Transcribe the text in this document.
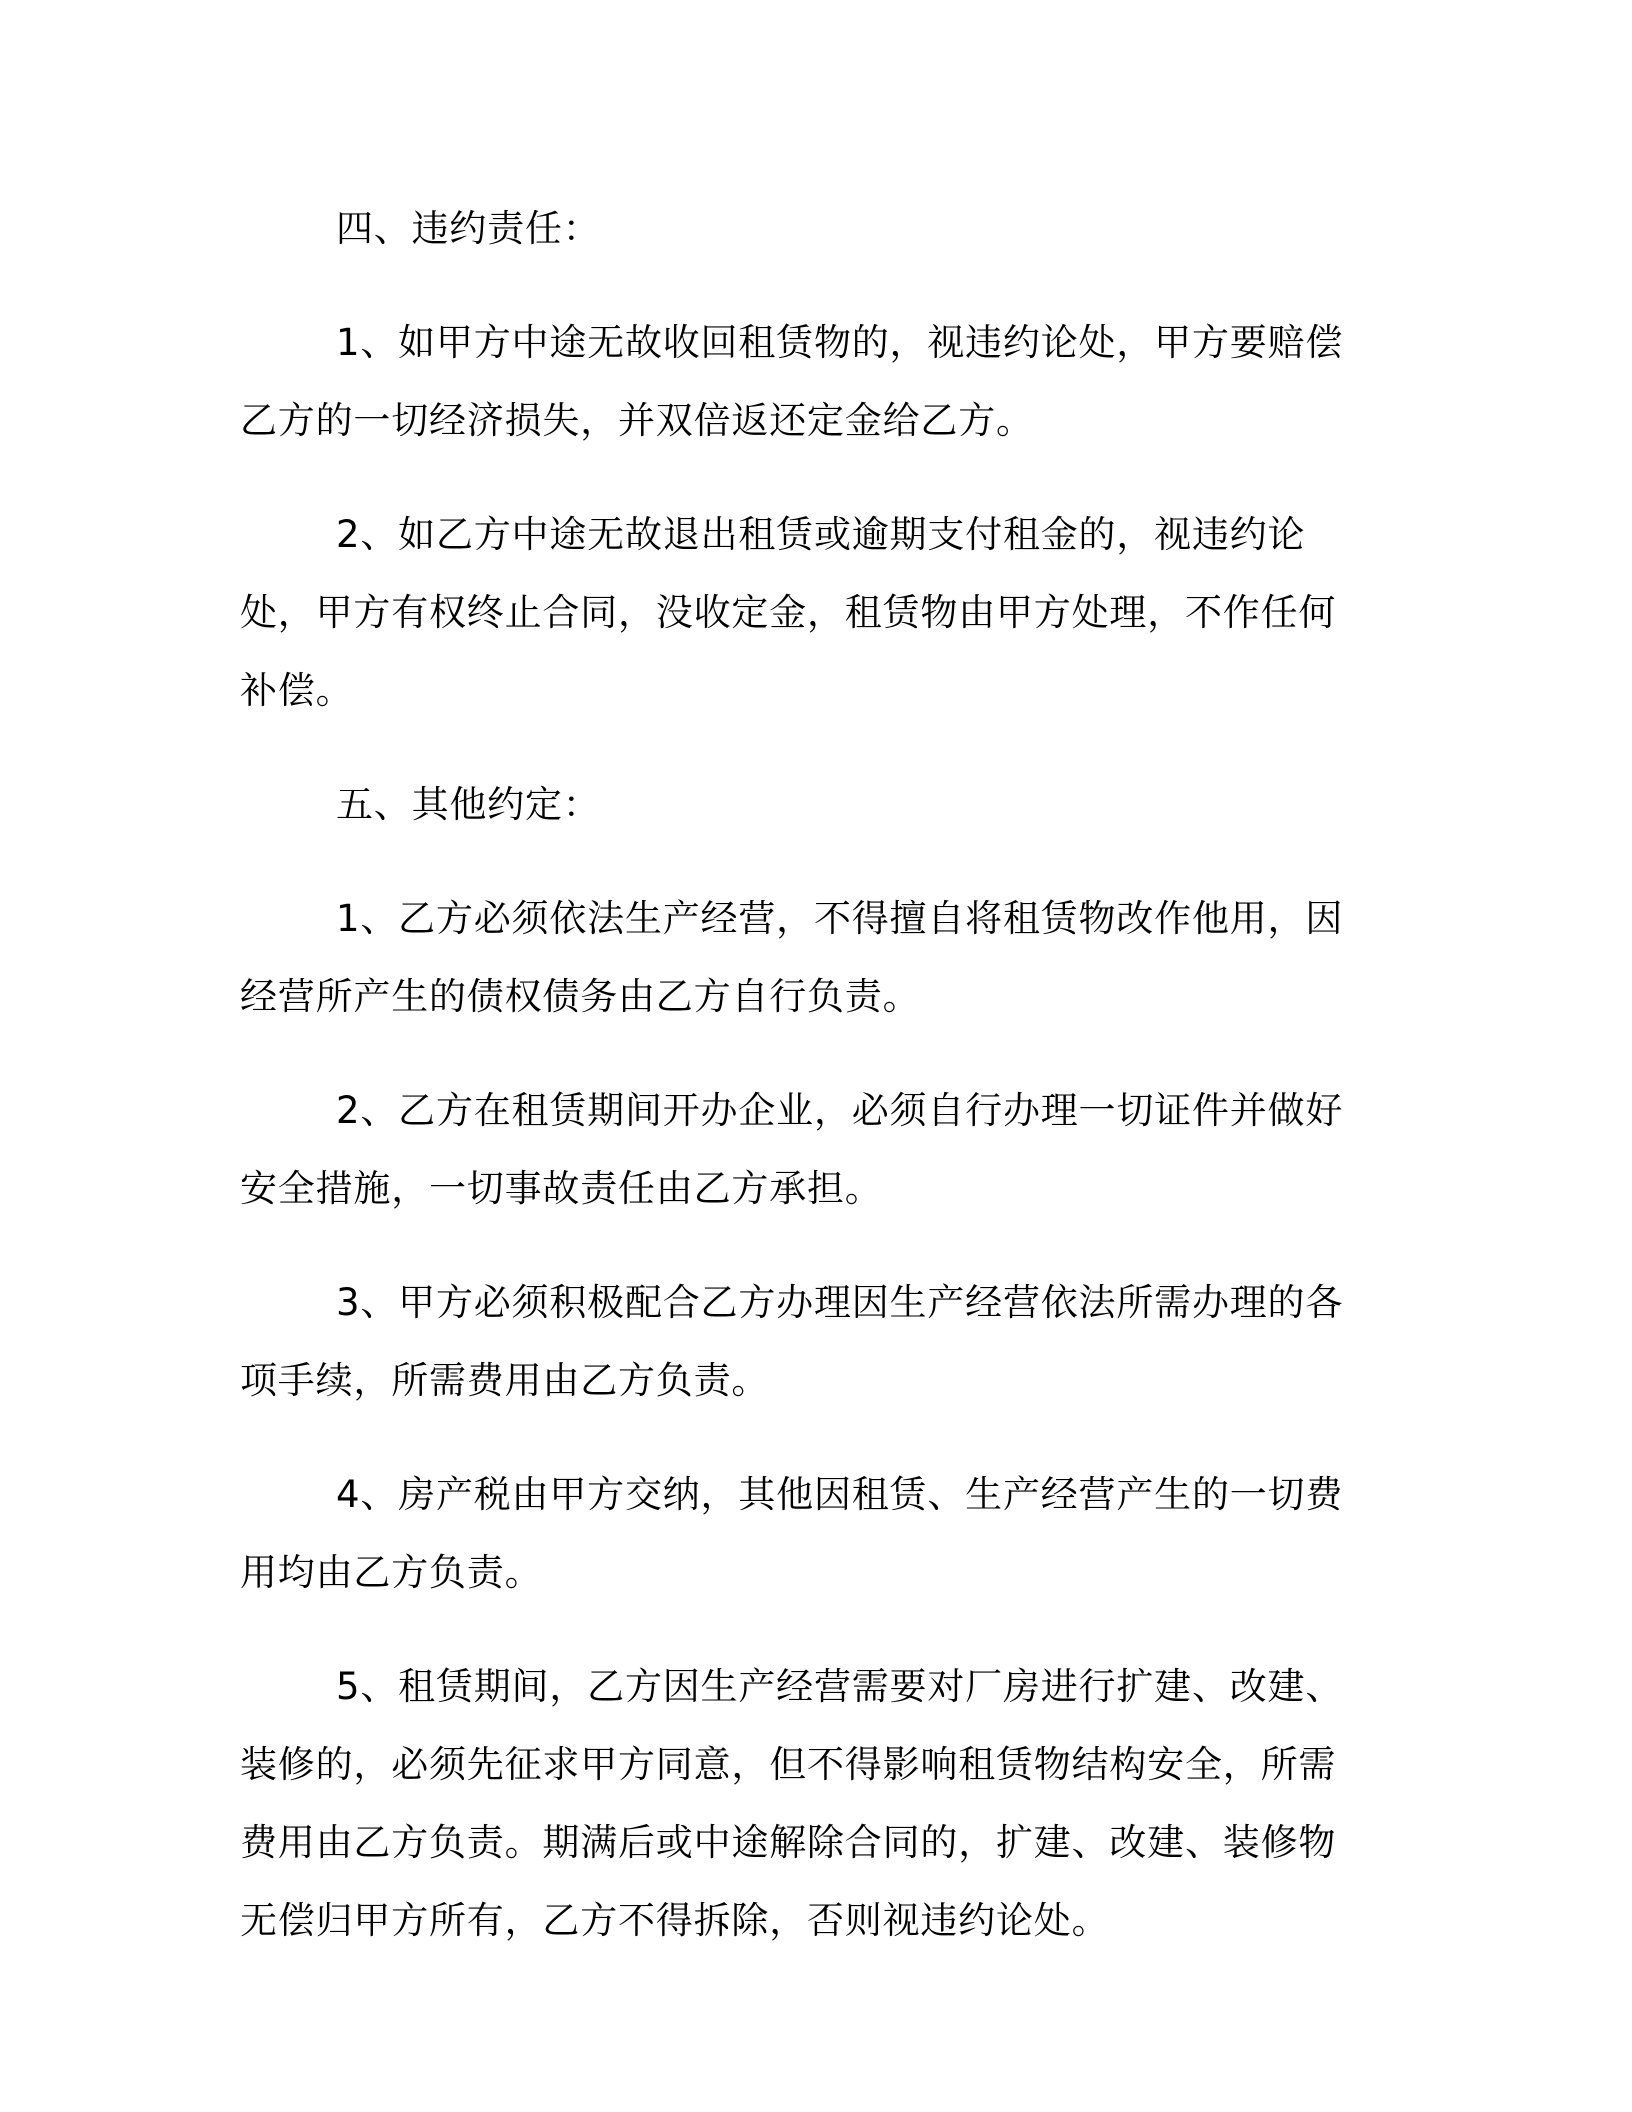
四、违约责任：

1、如甲方中途无故收回租赁物的，视违约论处，甲方要赔偿乙方的一切经济损失，并双倍返还定金给乙方。

2、如乙方中途无故退出租赁或逾期支付租金的，视违约论处，甲方有权终止合同，没收定金，租赁物由甲方处理，不作任何补偿。

五、其他约定：

1、乙方必须依法生产经营，不得擅自将租赁物改作他用，因经营所产生的债权债务由乙方自行负责。

2、乙方在租赁期间开办企业，必须自行办理一切证件并做好安全措施，一切事故责任由乙方承担。

3、甲方必须积极配合乙方办理因生产经营依法所需办理的各项手续，所需费用由乙方负责。

4、房产税由甲方交纳，其他因租赁、生产经营产生的一切费用均由乙方负责。

5、租赁期间，乙方因生产经营需要对厂房进行扩建、改建、装修的，必须先征求甲方同意，但不得影响租赁物结构安全，所需费用由乙方负责。期满后或中途解除合同的，扩建、改建、装修物无偿归甲方所有，乙方不得拆除，否则视违约论处。
